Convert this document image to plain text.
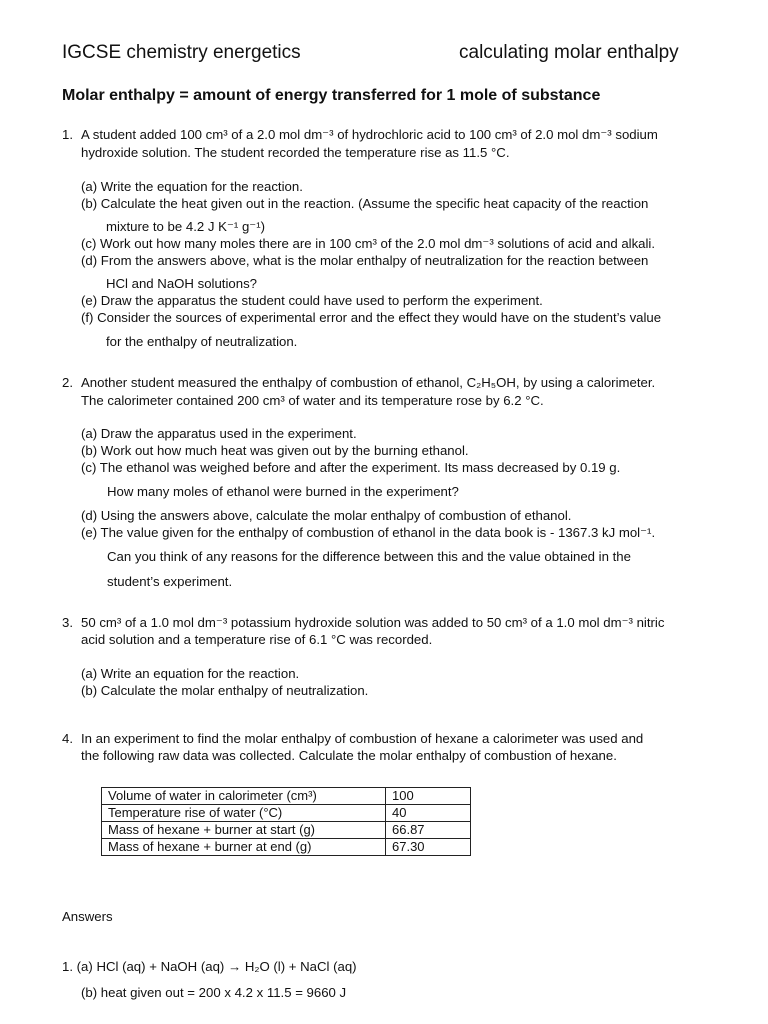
IGCSE chemistry energetics	calculating molar enthalpy
Molar enthalpy = amount of energy transferred for 1 mole of substance
1. A student added 100 cm³ of a 2.0 mol dm⁻³ of hydrochloric acid to 100 cm³ of 2.0 mol dm⁻³ sodium
hydroxide solution. The student recorded the temperature rise as 11.5 °C.
(a) Write the equation for the reaction.
(b) Calculate the heat given out in the reaction. (Assume the specific heat capacity of the reaction
mixture to be 4.2 J K⁻¹ g⁻¹)
(c) Work out how many moles there are in 100 cm³ of the 2.0 mol dm⁻³ solutions of acid and alkali.
(d) From the answers above, what is the molar enthalpy of neutralization for the reaction between
HCl and NaOH solutions?
(e) Draw the apparatus the student could have used to perform the experiment.
(f) Consider the sources of experimental error and the effect they would have on the student’s value
for the enthalpy of neutralization.
2. Another student measured the enthalpy of combustion of ethanol, C₂H₅OH, by using a calorimeter.
The calorimeter contained 200 cm³ of water and its temperature rose by 6.2 °C.
(a) Draw the apparatus used in the experiment.
(b) Work out how much heat was given out by the burning ethanol.
(c) The ethanol was weighed before and after the experiment. Its mass decreased by 0.19 g.
How many moles of ethanol were burned in the experiment?
(d) Using the answers above, calculate the molar enthalpy of combustion of ethanol.
(e) The value given for the enthalpy of combustion of ethanol in the data book is - 1367.3 kJ mol⁻¹.
Can you think of any reasons for the difference between this and the value obtained in the
student’s experiment.
3. 50 cm³ of a 1.0 mol dm⁻³ potassium hydroxide solution was added to 50 cm³ of a 1.0 mol dm⁻³ nitric
acid solution and a temperature rise of 6.1 °C was recorded.
(a) Write an equation for the reaction.
(b) Calculate the molar enthalpy of neutralization.
4. In an experiment to find the molar enthalpy of combustion of hexane a calorimeter was used and
the following raw data was collected. Calculate the molar enthalpy of combustion of hexane.
Volume of water in calorimeter (cm³)	100
Temperature rise of water (°C)	40
Mass of hexane + burner at start (g)	66.87
Mass of hexane + burner at end (g)	67.30
Answers
1. (a) HCl (aq) + NaOH (aq) → H₂O (l) + NaCl (aq)
(b) heat given out = 200 x 4.2 x 11.5 = 9660 J
